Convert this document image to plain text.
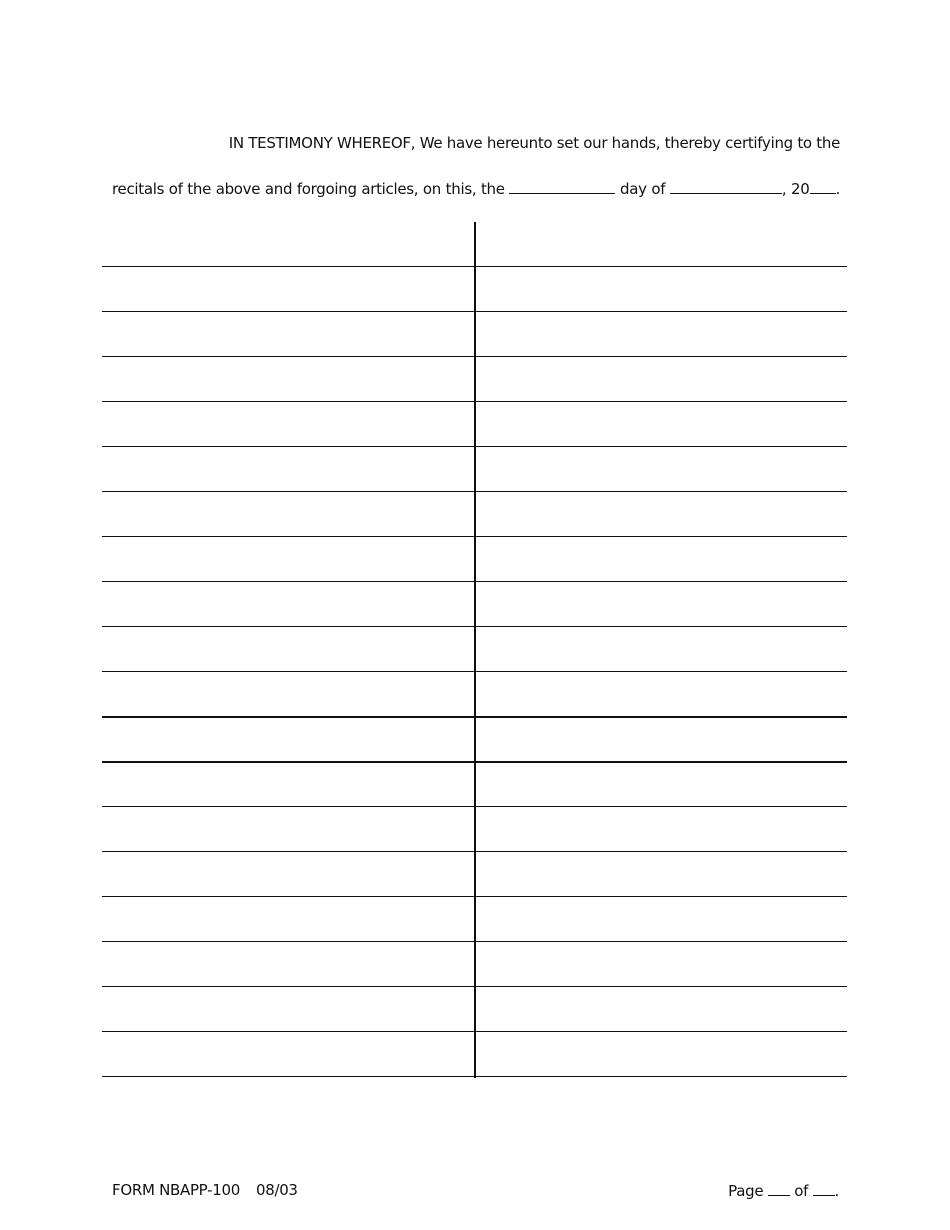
IN TESTIMONY WHEREOF, We have hereunto set our hands, thereby certifying to the
recitals of the above and forgoing articles, on this, the	day of	, 20 .
FORM NBAPP-100 08/03	Page of .
